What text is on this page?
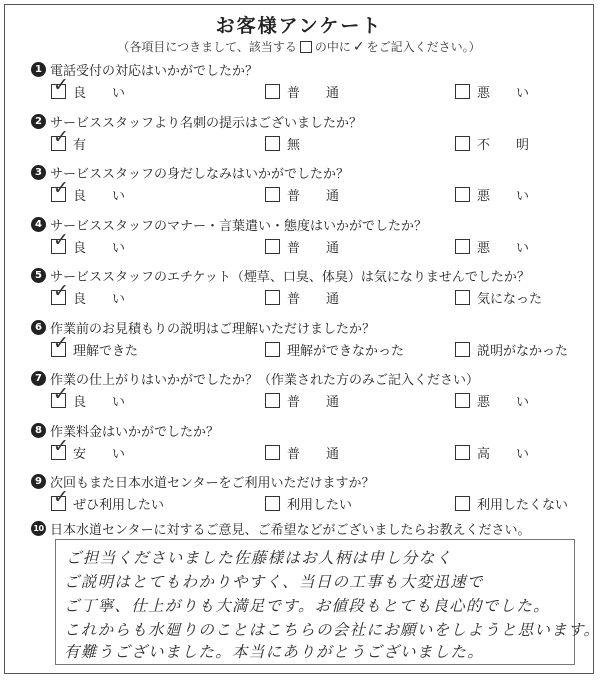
お客様アンケート
（各項目につきまして、該当する の中に ✓ をご記入ください。）
1 電話受付の対応はいかがでしたか？
✓ 良　　い	普　　通	悪　　い
2 サービススタッフより名刺の提示はございましたか？
✓ 有	無	不　　明
3 サービススタッフの身だしなみはいかがでしたか？
✓ 良　　い	普　　通	悪　　い
4 サービススタッフのマナー・言葉遣い・態度はいかがでしたか？
✓ 良　　い	普　　通	悪　　い
5 サービススタッフのエチケット（煙草、口臭、体臭）は気になりませんでしたか？
✓ 良　　い	普　　通	気になった
6 作業前のお見積もりの説明はご理解いただけましたか？
✓ 理解できた	理解ができなかった	説明がなかった
7 作業の仕上がりはいかがでしたか？（作業された方のみご記入ください）
✓ 良　　い	普　　通	悪　　い
8 作業料金はいかがでしたか？
✓ 安　　い	普　　通	高　　い
9 次回もまた日本水道センターをご利用いただけますか？
✓ ぜひ利用したい	利用したい	利用したくない
10 日本水道センターに対するご意見、ご希望などがございましたらお教えください。
ご担当くださいました佐藤様はお人柄は申し分なく
ご説明はとてもわかりやすく、当日の工事も大変迅速で
ご丁寧、仕上がりも大満足です。お値段もとても良心的でした。
これからも水廻りのことはこちらの会社にお願いをしようと思います。
有難うございました。本当にありがとうございました。
